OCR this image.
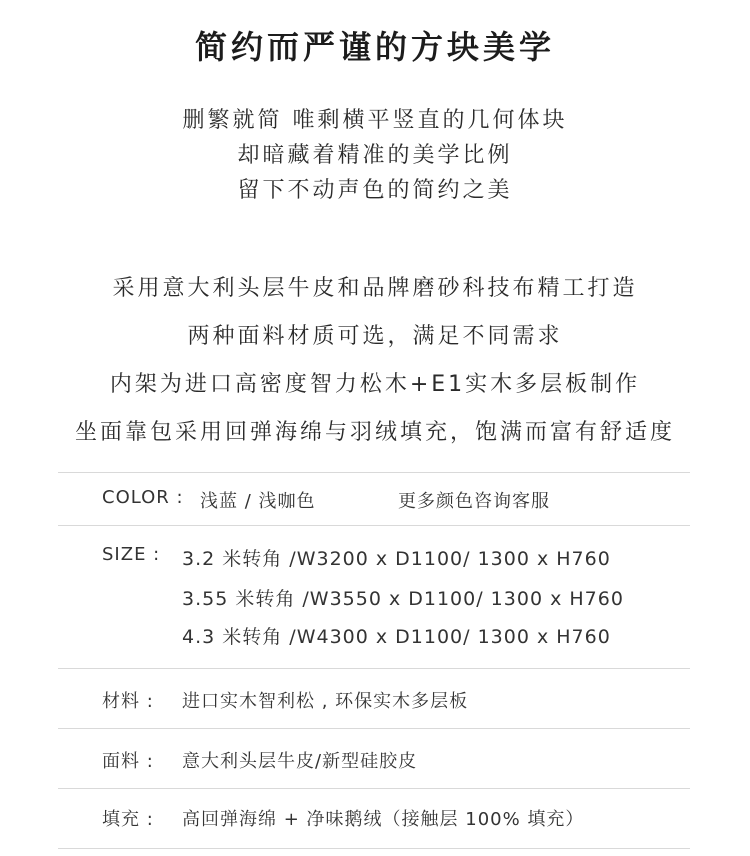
简约而严谨的方块美学
删繁就简 唯剩横平竖直的几何体块
却暗藏着精准的美学比例
留下不动声色的简约之美
采用意大利头层牛皮和品牌磨砂科技布精工打造
两种面料材质可选，满足不同需求
内架为进口高密度智力松木+E1实木多层板制作
坐面靠包采用回弹海绵与羽绒填充，饱满而富有舒适度
COLOR : 浅蓝 / 浅咖色	更多颜色咨询客服
SIZE : 3.2 米转角 /W3200 x D1100/ 1300 x H760
3.55 米转角 /W3550 x D1100/ 1300 x H760
4.3 米转角 /W4300 x D1100/ 1300 x H760
材料 : 进口实木智利松 , 环保实木多层板
面料 : 意大利头层牛皮/新型硅胶皮
填充 : 高回弹海绵 + 净味鹅绒（接触层 100% 填充）
